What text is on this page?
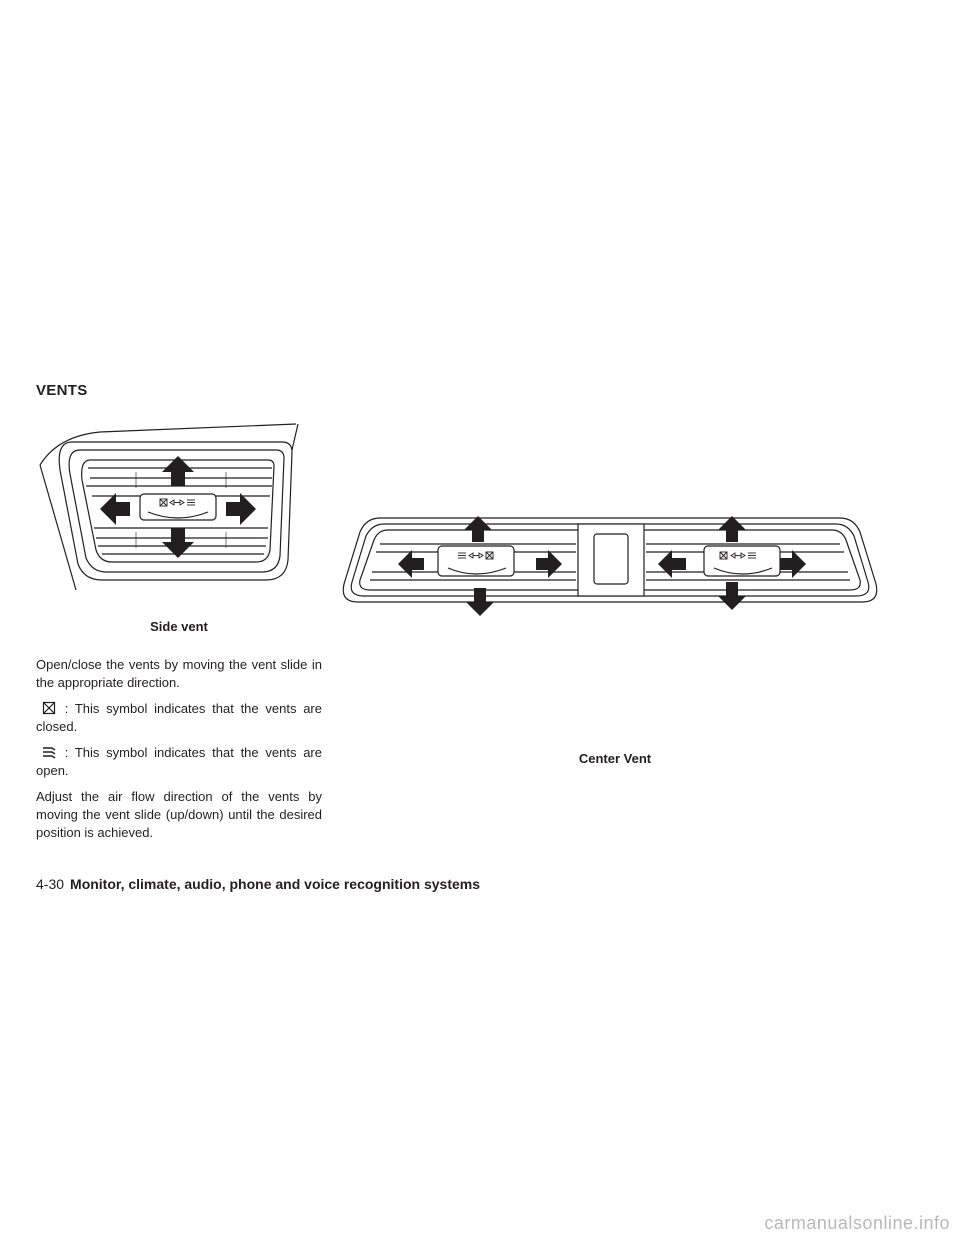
VENTS
Side vent
Center Vent

Open/close the vents by moving the vent slide in the appropriate direction.

: This symbol indicates that the vents are closed.

: This symbol indicates that the vents are open.

Adjust the air flow direction of the vents by moving the vent slide (up/down) until the desired position is achieved.

4-30 Monitor, climate, audio, phone and voice recognition systems
carmanualsonline.info
